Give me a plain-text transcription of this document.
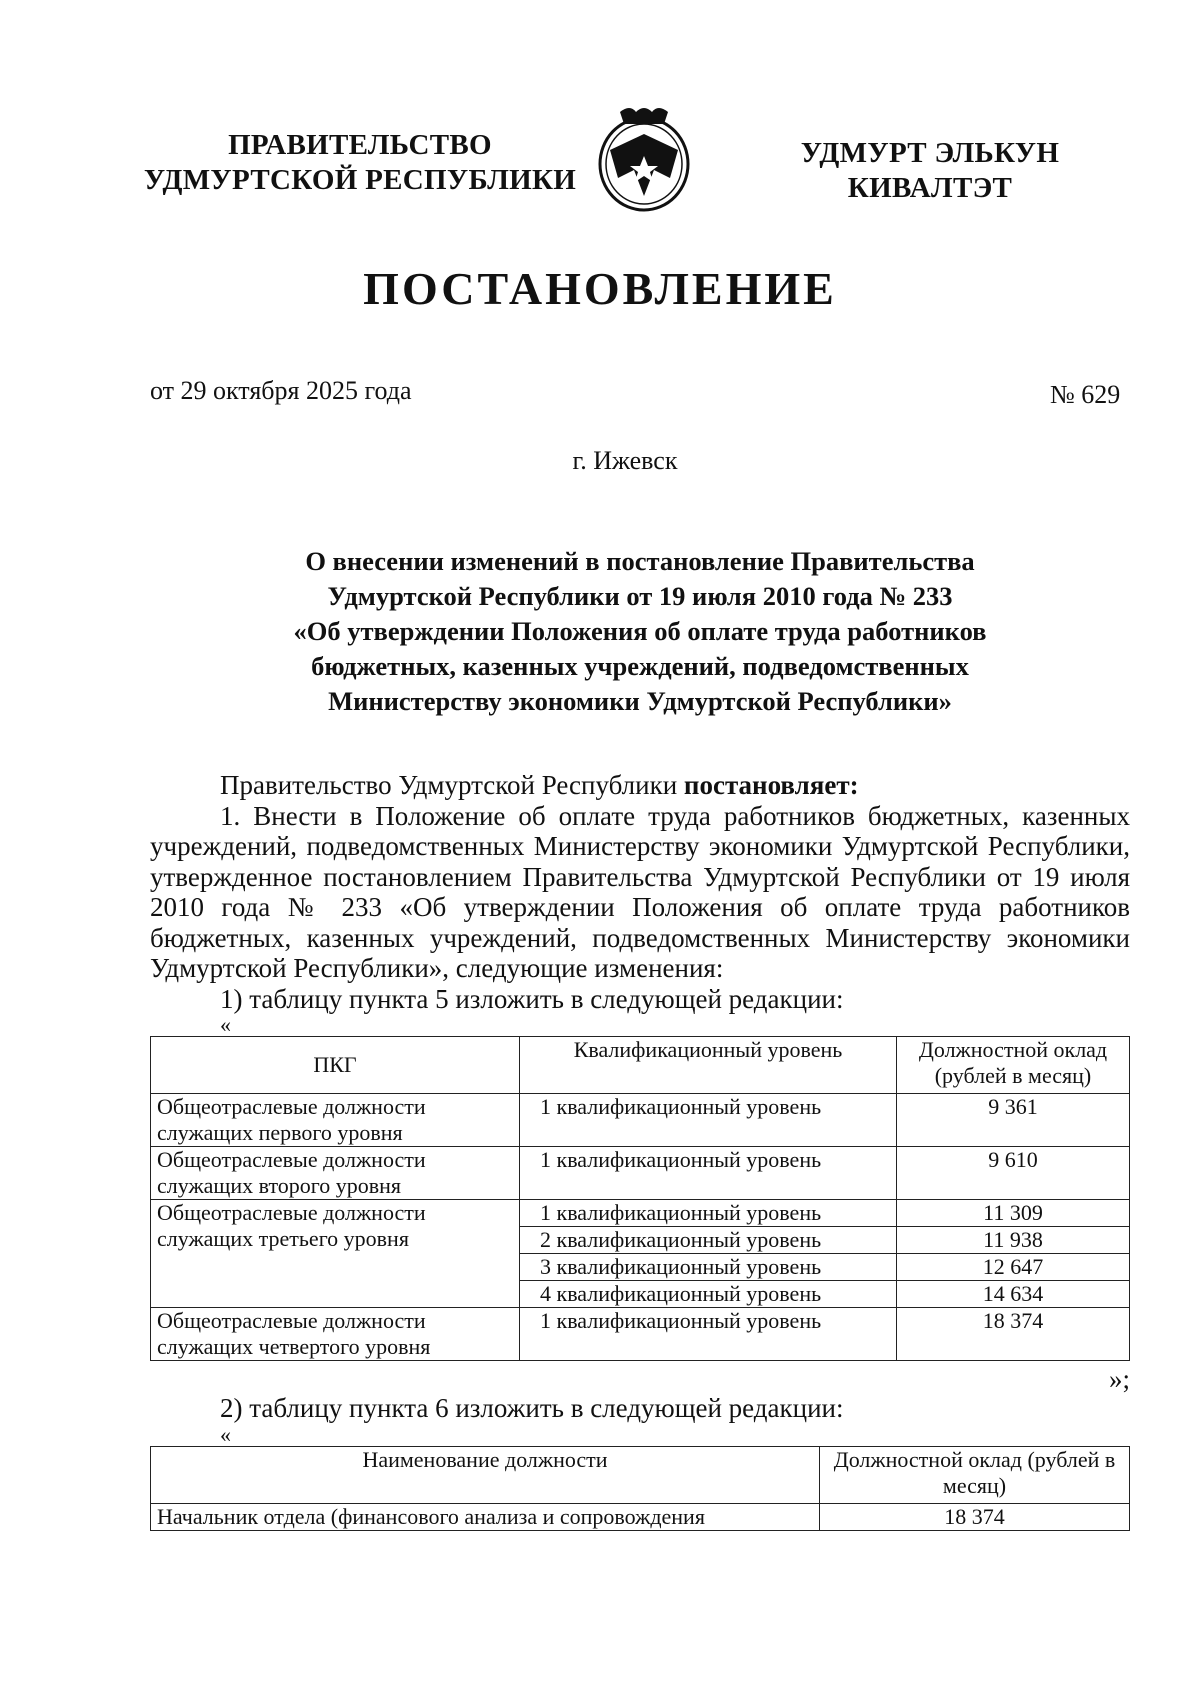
ПРАВИТЕЛЬСТВО
УДМУРТСКОЙ РЕСПУБЛИКИ
УДМУРТ ЭЛЬКУН
КИВАЛТЭТ
ПОСТАНОВЛЕНИЕ
от 29 октября 2025 года	№ 629
г. Ижевск
О внесении изменений в постановление Правительства
Удмуртской Республики от 19 июля 2010 года № 233
«Об утверждении Положения об оплате труда работников
бюджетных, казенных учреждений, подведомственных
Министерству экономики Удмуртской Республики»

Правительство Удмуртской Республики постановляет:

1. Внести в Положение об оплате труда работников бюджетных, казенных учреждений, подведомственных Министерству экономики Удмуртской Республики, утвержденное постановлением Правительства Удмуртской Республики от 19 июля 2010 года № 233 «Об утверждении Положения об оплате труда работников бюджетных, казенных учреждений, подведомственных Министерству экономики Удмуртской Республики», следующие изменения:

1) таблицу пункта 5 изложить в следующей редакции:

«
ПКГ	Квалификационный уровень	Должностной оклад (рублей в месяц)
Общеотраслевые должности служащих первого уровня	1 квалификационный уровень	9 361
Общеотраслевые должности служащих второго уровня	1 квалификационный уровень	9 610
Общеотраслевые должности служащих третьего уровня	1 квалификационный уровень	11 309
	2 квалификационный уровень	11 938
	3 квалификационный уровень	12 647
	4 квалификационный уровень	14 634
Общеотраслевые должности служащих четвертого уровня	1 квалификационный уровень	18 374
»;

2) таблицу пункта 6 изложить в следующей редакции:

«
Наименование должности	Должностной оклад (рублей в месяц)
Начальник отдела (финансового анализа и сопровождения	18 374
